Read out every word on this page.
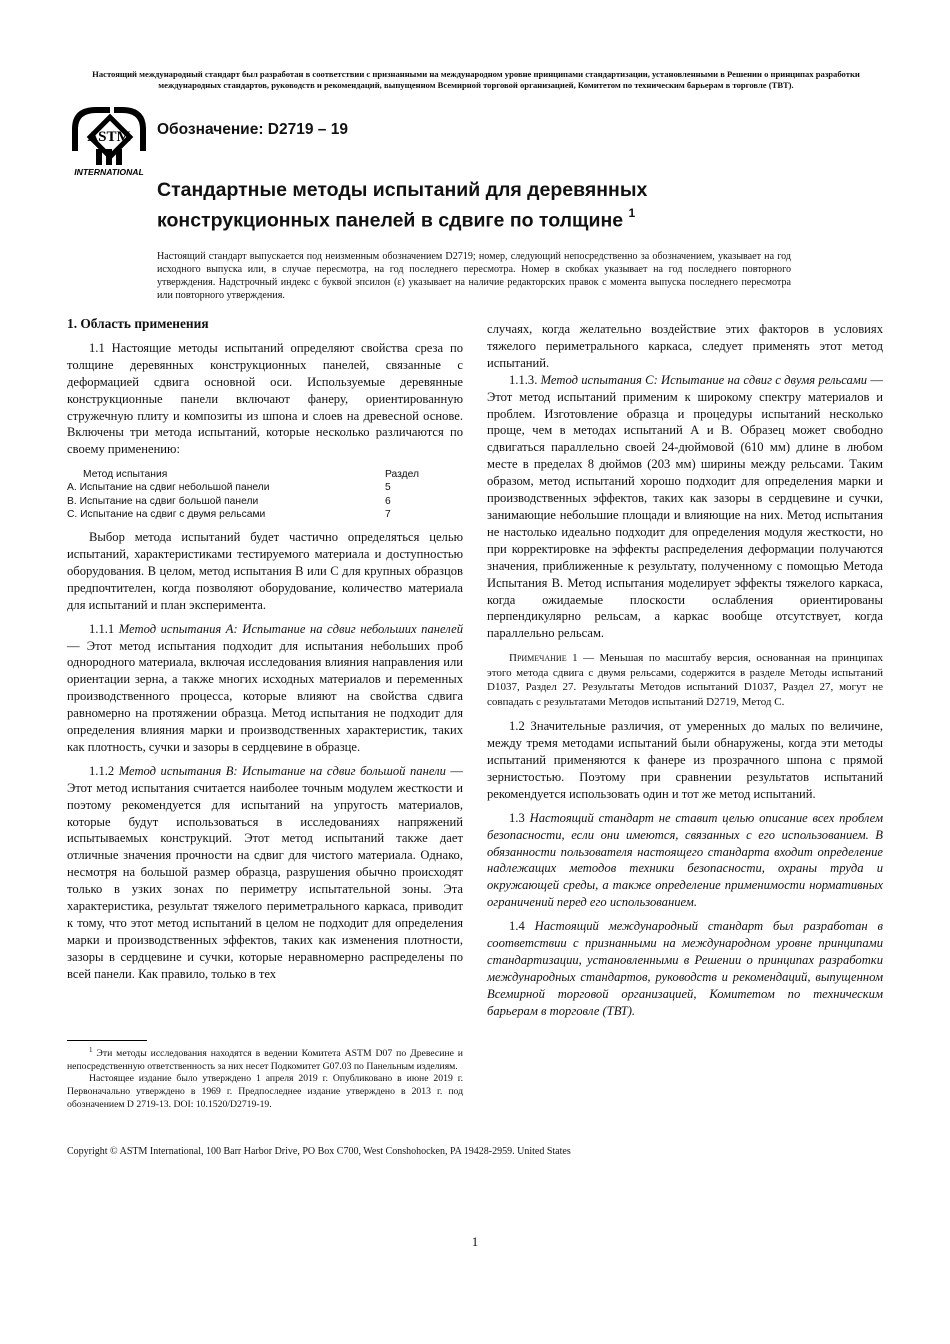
Настоящий международный стандарт был разработан в соответствии с признанными на международном уровне принципами стандартизации, установленными в Решении о принципах разработки международных стандартов, руководств и рекомендаций, выпущенном Всемирной торговой организацией, Комитетом по техническим барьерам в торговле (ТВТ).
ASTM
INTERNATIONAL
Обозначение: D2719 – 19
Стандартные методы испытаний для деревянных
конструкционных панелей в сдвиге по толщине $^1$
Настоящий стандарт выпускается под неизменным обозначением D2719; номер, следующий непосредственно за обозначением, указывает на год исходного выпуска или, в случае пересмотра, на год последнего пересмотра. Номер в скобках указывает на год последнего повторного утверждения. Надстрочный индекс с буквой эпсилон (ε) указывает на наличие редакторских правок с момента выпуска последнего пересмотра или повторного утверждения.

1. Область применения

1.1 Настоящие методы испытаний определяют свойства среза по толщине деревянных конструкционных панелей, связанные с деформацией сдвига основной оси. Используемые деревянные конструкционные панели включают фанеру, ориентированную стружечную плиту и композиты из шпона и слоев на древесной основе. Включены три метода испытаний, которые несколько различаются по своему применению:

Метод испытания	Раздел
А. Испытание на сдвиг небольшой панели	5
В. Испытание на сдвиг большой панели	6
С. Испытание на сдвиг с двумя рельсами	7

Выбор метода испытаний будет частично определяться целью испытаний, характеристиками тестируемого материала и доступностью оборудования. В целом, метод испытания В или С для крупных образцов предпочтителен, когда позволяют оборудование, количество материала для испытаний и план эксперимента.

1.1.1 Метод испытания А: Испытание на сдвиг небольших панелей — Этот метод испытания подходит для испытания небольших проб однородного материала, включая исследования влияния направления или ориентации зерна, а также многих исходных материалов и переменных производственного процесса, которые влияют на свойства сдвига равномерно на протяжении образца. Метод испытания не подходит для определения влияния марки и производственных характеристик, таких как плотность, сучки и зазоры в сердцевине в образце.

1.1.2 Метод испытания В: Испытание на сдвиг большой панели — Этот метод испытания считается наиболее точным модулем жесткости и поэтому рекомендуется для испытаний на упругость материалов, которые будут использоваться в исследованиях напряжений испытываемых конструкций. Этот метод испытаний также дает отличные значения прочности на сдвиг для чистого материала. Однако, несмотря на большой размер образца, разрушения обычно происходят только в узких зонах по периметру испытательной зоны. Эта характеристика, результат тяжелого периметрального каркаса, приводит к тому, что этот метод испытаний в целом не подходит для определения марки и производственных эффектов, таких как изменения плотности, зазоры в сердцевине и сучки, которые неравномерно распределены по всей панели. Как правило, только в тех

случаях, когда желательно воздействие этих факторов в условиях тяжелого периметрального каркаса, следует применять этот метод испытаний.

1.1.3. Метод испытания С: Испытание на сдвиг с двумя рельсами — Этот метод испытаний применим к широкому спектру материалов и проблем. Изготовление образца и процедуры испытаний несколько проще, чем в методах испытаний А и В. Образец может свободно сдвигаться параллельно своей 24-дюймовой (610 мм) длине в любом месте в пределах 8 дюймов (203 мм) ширины между рельсами. Таким образом, метод испытаний хорошо подходит для определения марки и производственных эффектов, таких как зазоры в сердцевине и сучки, занимающие небольшие площади и влияющие на них. Метод испытания не настолько идеально подходит для определения модуля жесткости, но при корректировке на эффекты распределения деформации получаются значения, приближенные к результату, полученному с помощью Метода Испытания В. Метод испытания моделирует эффекты тяжелого каркаса, когда ожидаемые плоскости ослабления ориентированы перпендикулярно рельсам, а каркас вообще отсутствует, когда параллельно рельсам.

Примечание 1 — Меньшая по масштабу версия, основанная на принципах этого метода сдвига с двумя рельсами, содержится в разделе Методы испытаний D1037, Раздел 27. Результаты Методов испытаний D1037, Раздел 27, могут не совпадать с результатами Методов испытаний D2719, Метод С.

1.2 Значительные различия, от умеренных до малых по величине, между тремя методами испытаний были обнаружены, когда эти методы испытаний применяются к фанере из прозрачного шпона с прямой зернистостью. Поэтому при сравнении результатов испытаний рекомендуется использовать один и тот же метод испытаний.

1.3 Настоящий стандарт не ставит целью описание всех проблем безопасности, если они имеются, связанных с его использованием. В обязанности пользователя настоящего стандарта входит определение надлежащих методов техники безопасности, охраны труда и окружающей среды, а также определение применимости нормативных ограничений перед его использованием.

1.4 Настоящий международный стандарт был разработан в соответствии с признанными на международном уровне принципами стандартизации, установленными в Решении о принципах разработки международных стандартов, руководств и рекомендаций, выпущенном Всемирной торговой организацией, Комитетом по техническим барьерам в торговле (ТВТ).

$^1$ Эти методы исследования находятся в ведении Комитета ASTM D07 по Древесине и непосредственную ответственность за них несет Подкомитет G07.03 по Панельным изделиям.

Настоящее издание было утверждено 1 апреля 2019 г. Опубликовано в июне 2019 г. Первоначально утверждено в 1969 г. Предпоследнее издание утверждено в 2013 г. под обозначением D 2719-13. DOI: 10.1520/D2719-19.

Copyright © ASTM International, 100 Barr Harbor Drive, PO Box C700, West Conshohocken, PA 19428-2959. United States
1
